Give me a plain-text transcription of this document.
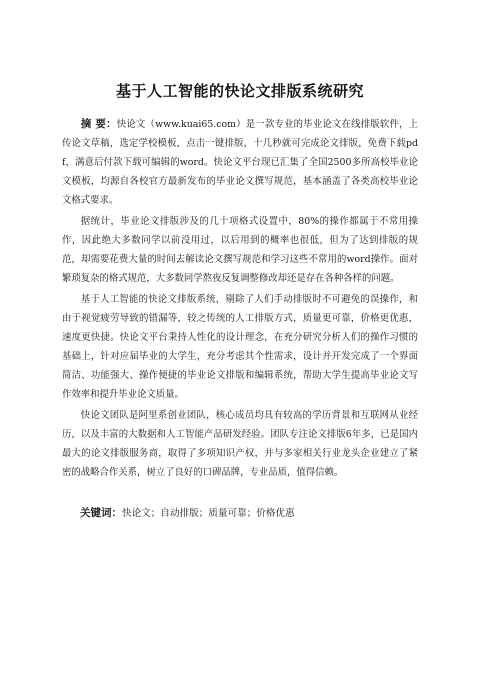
基于人工智能的快论文排版系统研究

摘 要：快论文（www.kuai65.com）是一款专业的毕业论文在线排版软件，上传论文草稿，选定学校模板，点击一键排版，十几秒就可完成论文排版，免费下载pdf，满意后付款下载可编辑的word。快论文平台现已汇集了全国2500多所高校毕业论文模板，均源自各校官方最新发布的毕业论文撰写规范，基本涵盖了各类高校毕业论文格式要求。

据统计，毕业论文排版涉及的几十项格式设置中，80%的操作都属于不常用操作，因此绝大多数同学以前没用过，以后用到的概率也很低，但为了达到排版的规范，却需要花费大量的时间去解读论文撰写规范和学习这些不常用的word操作。面对繁琐复杂的格式规范，大多数同学熬夜反复调整修改却还是存在各种各样的问题。

基于人工智能的快论文排版系统，剔除了人们手动排版时不可避免的误操作，和由于视觉疲劳导致的错漏等，较之传统的人工排版方式，质量更可靠，价格更优惠，速度更快捷。快论文平台秉持人性化的设计理念，在充分研究分析人们的操作习惯的基础上，针对应届毕业的大学生，充分考虑其个性需求，设计并开发完成了一个界面简洁、功能强大、操作便捷的毕业论文排版和编辑系统，帮助大学生提高毕业论文写作效率和提升毕业论文质量。

快论文团队是阿里系创业团队，核心成员均具有较高的学历背景和互联网从业经历，以及丰富的大数据和人工智能产品研发经验。团队专注论文排版6年多，已是国内最大的论文排版服务商，取得了多项知识产权，并与多家相关行业龙头企业建立了紧密的战略合作关系，树立了良好的口碑品牌，专业品质，值得信赖。

关键词：快论文；自动排版；质量可靠；价格优惠
